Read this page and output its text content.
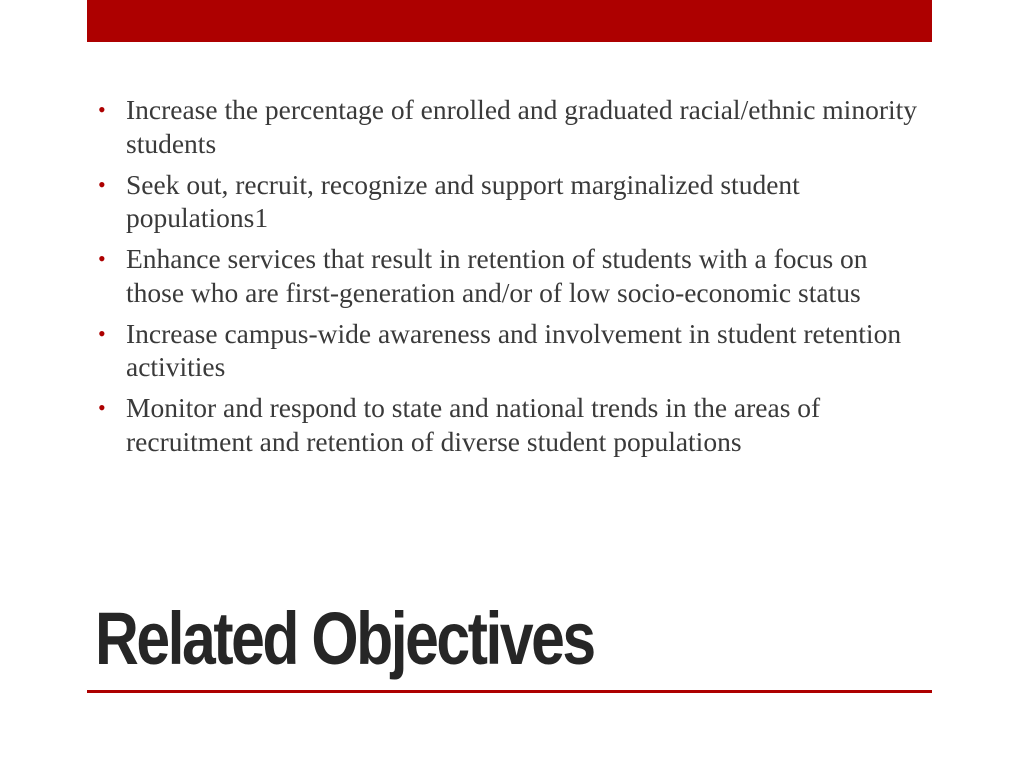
• Increase the percentage of enrolled and graduated racial/ethnic minority students
• Seek out, recruit, recognize and support marginalized student populations1
• Enhance services that result in retention of students with a focus on those who are first-generation and/or of low socio-economic status
• Increase campus-wide awareness and involvement in student retention activities
• Monitor and respond to state and national trends in the areas of recruitment and retention of diverse student populations
Related Objectives
